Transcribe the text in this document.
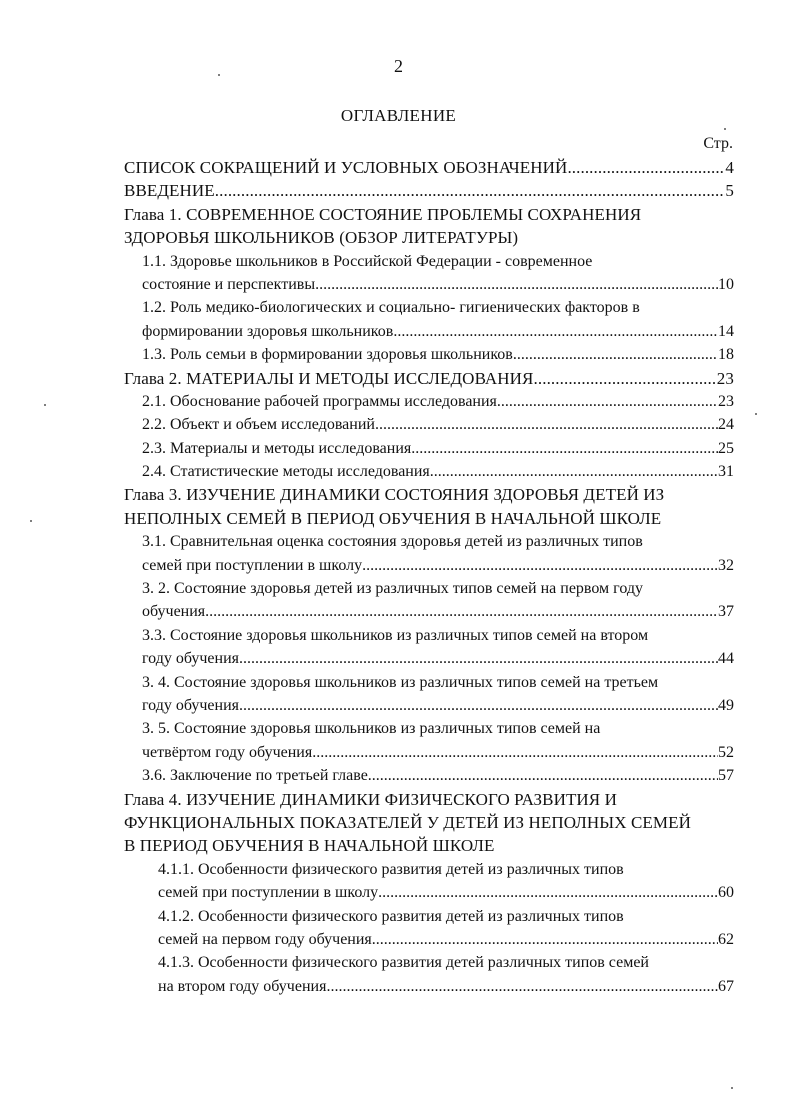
2
ОГЛАВЛЕНИЕ
Стр.
СПИСОК СОКРАЩЕНИЙ И УСЛОВНЫХ ОБОЗНАЧЕНИЙ .....	4
ВВЕДЕНИЕ .....	5
Глава 1. СОВРЕМЕННОЕ СОСТОЯНИЕ ПРОБЛЕМЫ СОХРАНЕНИЯ
ЗДОРОВЬЯ ШКОЛЬНИКОВ (ОБЗОР ЛИТЕРАТУРЫ)
1.1. Здоровье школьников в Российской Федерации - современное
состояние и перспективы .....	10
1.2. Роль медико-биологических и социально- гигиенических факторов в
формировании здоровья школьников .....	14
1.3. Роль семьи в формировании здоровья школьников .....	18
Глава 2. МАТЕРИАЛЫ И МЕТОДЫ ИССЛЕДОВАНИЯ .....	23
2.1. Обоснование рабочей программы исследования .....	23
2.2. Объект и объем исследований .....	24
2.3. Материалы и методы исследования .....	25
2.4. Статистические методы исследования .....	31
Глава 3. ИЗУЧЕНИЕ ДИНАМИКИ СОСТОЯНИЯ ЗДОРОВЬЯ ДЕТЕЙ ИЗ
НЕПОЛНЫХ СЕМЕЙ В ПЕРИОД ОБУЧЕНИЯ В НАЧАЛЬНОЙ ШКОЛЕ
3.1. Сравнительная оценка состояния здоровья детей из различных типов
семей при поступлении в школу .....	32
3. 2. Состояние здоровья детей из различных типов семей на первом году
обучения .....	37
3.3. Состояние здоровья школьников из различных типов семей на втором
году обучения .....	44
3. 4. Состояние здоровья школьников из различных типов семей на третьем
году обучения .....	49
3. 5. Состояние здоровья школьников из различных типов семей на
четвёртом году обучения .....	52
3.6. Заключение по третьей главе .....	57
Глава 4. ИЗУЧЕНИЕ ДИНАМИКИ ФИЗИЧЕСКОГО РАЗВИТИЯ И
ФУНКЦИОНАЛЬНЫХ ПОКАЗАТЕЛЕЙ У ДЕТЕЙ ИЗ НЕПОЛНЫХ СЕМЕЙ
В ПЕРИОД ОБУЧЕНИЯ В НАЧАЛЬНОЙ ШКОЛЕ
4.1.1. Особенности физического развития детей из различных типов
семей при поступлении в школу .....	60
4.1.2. Особенности физического развития детей из различных типов
семей на первом году обучения. .....	62
4.1.3. Особенности физического развития детей различных типов семей
на втором году обучения .....	67
